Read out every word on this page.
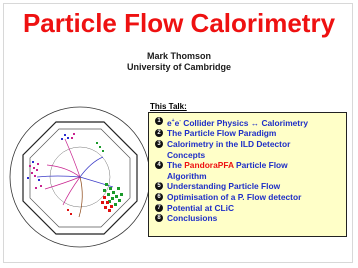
Particle Flow Calorimetry
Mark Thomson
University of Cambridge
This Talk:
1 e+e- Collider Physics ↔ Calorimetry
2 The Particle Flow Paradigm
3 Calorimetry in the ILD Detector
Concepts
4 The PandoraPFA Particle Flow
Algorithm
5 Understanding Particle Flow
6 Optimisation of a P. Flow detector
7 Potential at CLiC
8 Conclusions
